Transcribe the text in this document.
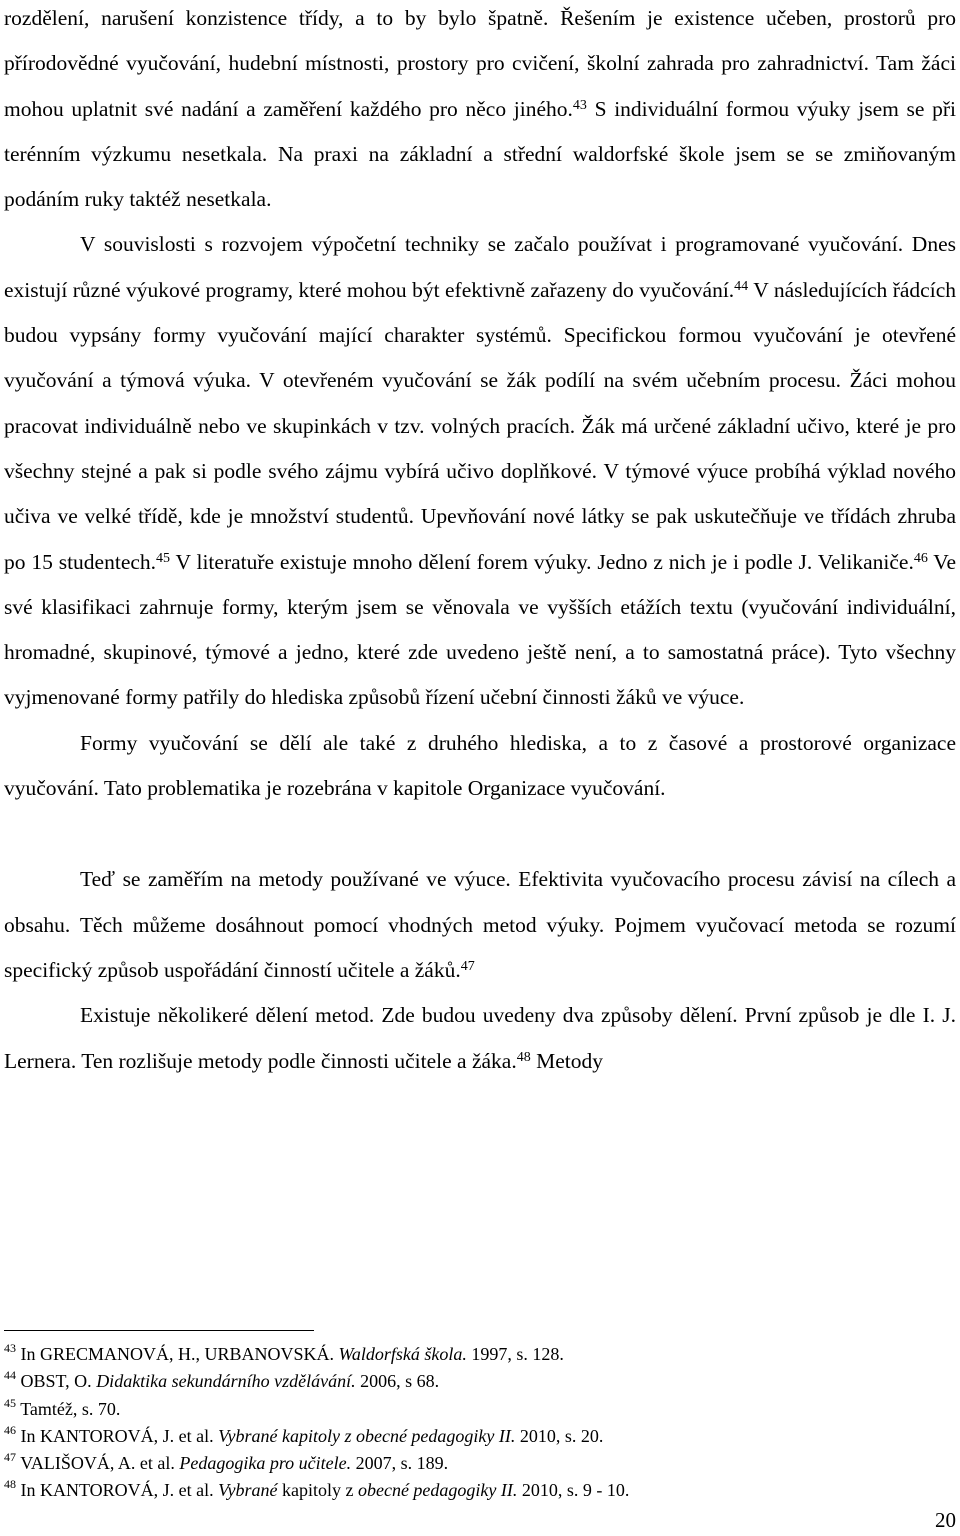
rozdělení, narušení konzistence třídy, a to by bylo špatně. Řešením je existence učeben, prostorů pro přírodovědné vyučování, hudební místnosti, prostory pro cvičení, školní zahrada pro zahradnictví. Tam žáci mohou uplatnit své nadání a zaměření každého pro něco jiného.$^{43}$ S individuální formou výuky jsem se při terénním výzkumu nesetkala. Na praxi na základní a střední waldorfské škole jsem se se zmiňovaným podáním ruky taktéž nesetkala.

V souvislosti s rozvojem výpočetní techniky se začalo používat i programované vyučování. Dnes existují různé výukové programy, které mohou být efektivně zařazeny do vyučování.$^{44}$ V následujících řádcích budou vypsány formy vyučování mající charakter systémů. Specifickou formou vyučování je otevřené vyučování a týmová výuka. V otevřeném vyučování se žák podílí na svém učebním procesu. Žáci mohou pracovat individuálně nebo ve skupinkách v tzv. volných pracích. Žák má určené základní učivo, které je pro všechny stejné a pak si podle svého zájmu vybírá učivo doplňkové. V týmové výuce probíhá výklad nového učiva ve velké třídě, kde je množství studentů. Upevňování nové látky se pak uskutečňuje ve třídách zhruba po 15 studentech.$^{45}$ V literatuře existuje mnoho dělení forem výuky. Jedno z nich je i podle J. Velikaniče.$^{46}$ Ve své klasifikaci zahrnuje formy, kterým jsem se věnovala ve vyšších etážích textu (vyučování individuální, hromadné, skupinové, týmové a jedno, které zde uvedeno ještě není, a to samostatná práce). Tyto všechny vyjmenované formy patřily do hlediska způsobů řízení učební činnosti žáků ve výuce.

Formy vyučování se dělí ale také z druhého hlediska, a to z časové a prostorové organizace vyučování. Tato problematika je rozebrána v kapitole Organizace vyučování.

Teď se zaměřím na metody používané ve výuce. Efektivita vyučovacího procesu závisí na cílech a obsahu. Těch můžeme dosáhnout pomocí vhodných metod výuky. Pojmem vyučovací metoda se rozumí specifický způsob uspořádání činností učitele a žáků.$^{47}$

Existuje několikeré dělení metod. Zde budou uvedeny dva způsoby dělení. První způsob je dle I. J. Lernera. Ten rozlišuje metody podle činnosti učitele a žáka.$^{48}$ Metody

$^{43}$ In GRECMANOVÁ, H., URBANOVSKÁ. Waldorfská škola. 1997, s. 128.

$^{44}$ OBST, O. Didaktika sekundárního vzdělávání. 2006, s 68.

$^{45}$ Tamtéž, s. 70.

$^{46}$ In KANTOROVÁ, J. et al. Vybrané kapitoly z obecné pedagogiky II. 2010, s. 20.

$^{47}$ VALIŠOVÁ, A. et al. Pedagogika pro učitele. 2007, s. 189.

$^{48}$ In KANTOROVÁ, J. et al. Vybrané kapitoly z obecné pedagogiky II. 2010, s. 9 - 10.

20
